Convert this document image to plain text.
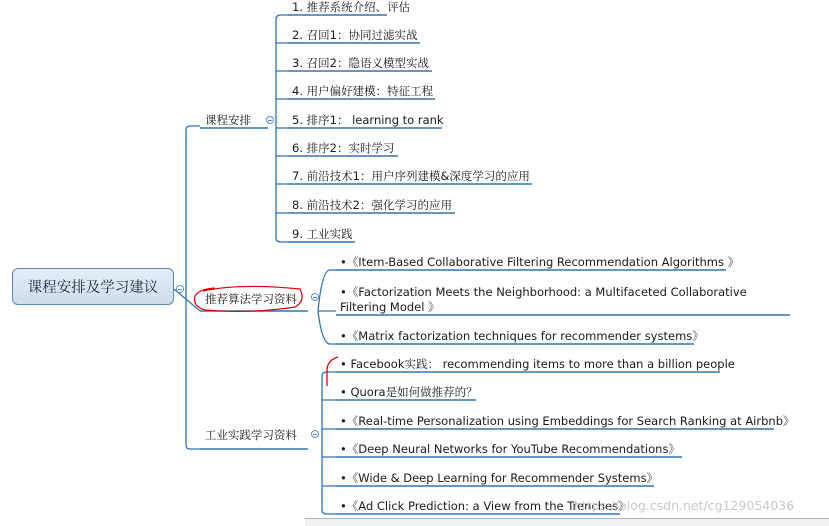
课程安排及学习建议
课程安排
推荐算法学习资料
工业实践学习资料
1. 推荐系统介绍、评估
2. 召回1：协同过滤实战
3. 召回2：隐语义模型实战
4. 用户偏好建模：特征工程
5. 排序1： learning to rank
6. 排序2：实时学习
7. 前沿技术1：用户序列建模&深度学习的应用
8. 前沿技术2：强化学习的应用
9. 工业实践
•《Item-Based Collaborative Filtering Recommendation Algorithms 》
•《Factorization Meets the Neighborhood: a Multifaceted Collaborative Filtering Model 》
•《Matrix factorization techniques for recommender systems》
• Facebook实践： recommending items to more than a billion people
• Quora是如何做推荐的？
•《Real-time Personalization using Embeddings for Search Ranking at Airbnb》
•《Deep Neural Networks for YouTube Recommendations》
•《Wide & Deep Learning for Recommender Systems》
•《Ad Click Prediction: a View from the Trenches》
https://blog.csdn.net/cg129054036
